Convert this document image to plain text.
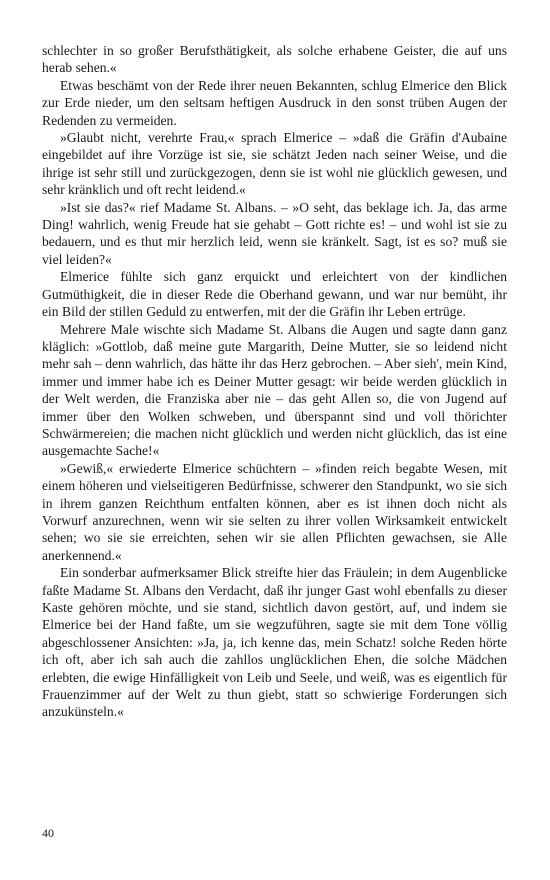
schlechter in so großer Berufsthätigkeit, als solche erhabene Geister, die auf uns herab sehen.«

Etwas beschämt von der Rede ihrer neuen Bekannten, schlug Elmerice den Blick zur Erde nieder, um den seltsam heftigen Ausdruck in den sonst trüben Augen der Redenden zu vermeiden.

»Glaubt nicht, verehrte Frau,« sprach Elmerice – »daß die Gräfin d'Aubaine eingebildet auf ihre Vorzüge ist sie, sie schätzt Jeden nach seiner Weise, und die ihrige ist sehr still und zurückgezogen, denn sie ist wohl nie glücklich gewesen, und sehr kränklich und oft recht leidend.«

»Ist sie das?« rief Madame St. Albans. – »O seht, das beklage ich. Ja, das arme Ding! wahrlich, wenig Freude hat sie gehabt – Gott richte es! – und wohl ist sie zu bedauern, und es thut mir herzlich leid, wenn sie kränkelt. Sagt, ist es so? muß sie viel leiden?«

Elmerice fühlte sich ganz erquickt und erleichtert von der kindlichen Gutmüthigkeit, die in dieser Rede die Oberhand gewann, und war nur bemüht, ihr ein Bild der stillen Geduld zu entwerfen, mit der die Gräfin ihr Leben ertrüge.

Mehrere Male wischte sich Madame St. Albans die Augen und sagte dann ganz kläglich: »Gottlob, daß meine gute Margarith, Deine Mutter, sie so leidend nicht mehr sah – denn wahrlich, das hätte ihr das Herz gebrochen. – Aber sieh', mein Kind, immer und immer habe ich es Deiner Mutter gesagt: wir beide werden glücklich in der Welt werden, die Franziska aber nie – das geht Allen so, die von Jugend auf immer über den Wolken schweben, und überspannt sind und voll thörichter Schwärmereien; die machen nicht glücklich und werden nicht glücklich, das ist eine ausgemachte Sache!«

»Gewiß,« erwiederte Elmerice schüchtern – »finden reich begabte Wesen, mit einem höheren und vielseitigeren Bedürfnisse, schwerer den Standpunkt, wo sie sich in ihrem ganzen Reichthum entfalten können, aber es ist ihnen doch nicht als Vorwurf anzurechnen, wenn wir sie selten zu ihrer vollen Wirksamkeit entwickelt sehen; wo sie sie erreichten, sehen wir sie allen Pflichten gewachsen, sie Alle anerkennend.«

Ein sonderbar aufmerksamer Blick streifte hier das Fräulein; in dem Augenblicke faßte Madame St. Albans den Verdacht, daß ihr junger Gast wohl ebenfalls zu dieser Kaste gehören möchte, und sie stand, sichtlich davon gestört, auf, und indem sie Elmerice bei der Hand faßte, um sie wegzuführen, sagte sie mit dem Tone völlig abgeschlossener Ansichten: »Ja, ja, ich kenne das, mein Schatz! solche Reden hörte ich oft, aber ich sah auch die zahllos unglücklichen Ehen, die solche Mädchen erlebten, die ewige Hinfälligkeit von Leib und Seele, und weiß, was es eigentlich für Frauenzimmer auf der Welt zu thun giebt, statt so schwierige Forderungen sich anzukünsteln.«

40
